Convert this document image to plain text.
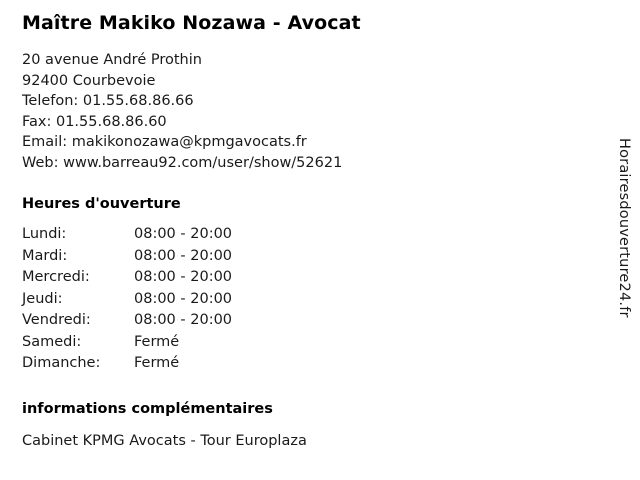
Maître Makiko Nozawa - Avocat
20 avenue André Prothin
92400 Courbevoie
Telefon: 01.55.68.86.66
Fax: 01.55.68.86.60
Email: makikonozawa@kpmgavocats.fr
Web: www.barreau92.com/user/show/52621
Heures d'ouverture
Lundi:	08:00 - 20:00
Mardi:	08:00 - 20:00
Mercredi:	08:00 - 20:00
Jeudi:	08:00 - 20:00
Vendredi:	08:00 - 20:00
Samedi:	Fermé
Dimanche:	Fermé
informations complémentaires
Cabinet KPMG Avocats - Tour Europlaza
Horairesdouverture24.fr
